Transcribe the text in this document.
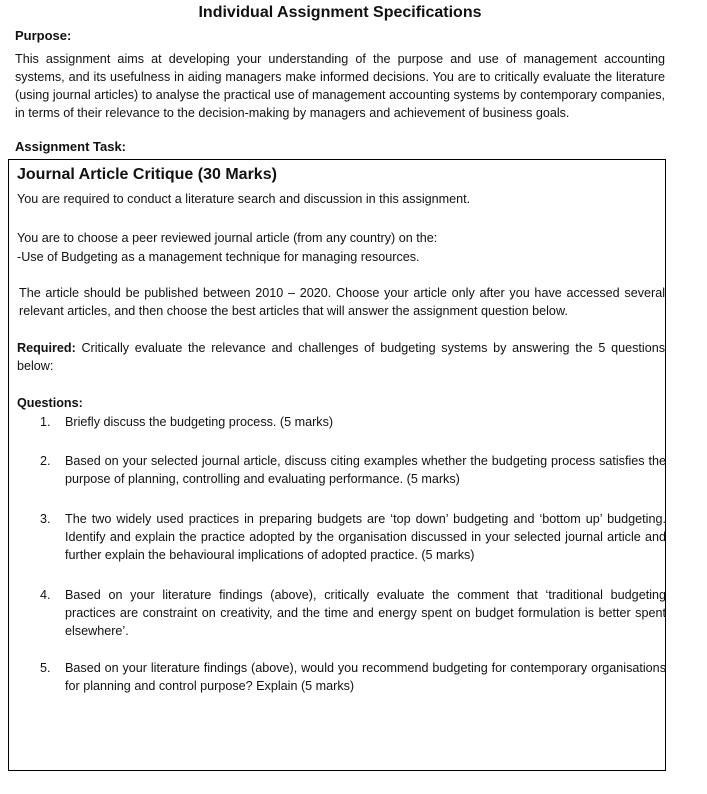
Individual Assignment Specifications
Purpose:
This assignment aims at developing your understanding of the purpose and use of management accounting systems, and its usefulness in aiding managers make informed decisions. You are to critically evaluate the literature (using journal articles) to analyse the practical use of management accounting systems by contemporary companies, in terms of their relevance to the decision-making by managers and achievement of business goals.
Assignment Task:
Journal Article Critique (30 Marks)
You are required to conduct a literature search and discussion in this assignment.
You are to choose a peer reviewed journal article (from any country) on the:
-Use of Budgeting as a management technique for managing resources.
The article should be published between 2010 – 2020. Choose your article only after you have accessed several relevant articles, and then choose the best articles that will answer the assignment question below.
Required: Critically evaluate the relevance and challenges of budgeting systems by answering the 5 questions below:
Questions:
1. Briefly discuss the budgeting process. (5 marks)
2. Based on your selected journal article, discuss citing examples whether the budgeting process satisfies the purpose of planning, controlling and evaluating performance. (5 marks)
3. The two widely used practices in preparing budgets are ‘top down’ budgeting and ‘bottom up’ budgeting. Identify and explain the practice adopted by the organisation discussed in your selected journal article and further explain the behavioural implications of adopted practice. (5 marks)
4. Based on your literature findings (above), critically evaluate the comment that ‘traditional budgeting practices are constraint on creativity, and the time and energy spent on budget formulation is better spent elsewhere’.
5. Based on your literature findings (above), would you recommend budgeting for contemporary organisations for planning and control purpose? Explain (5 marks)
